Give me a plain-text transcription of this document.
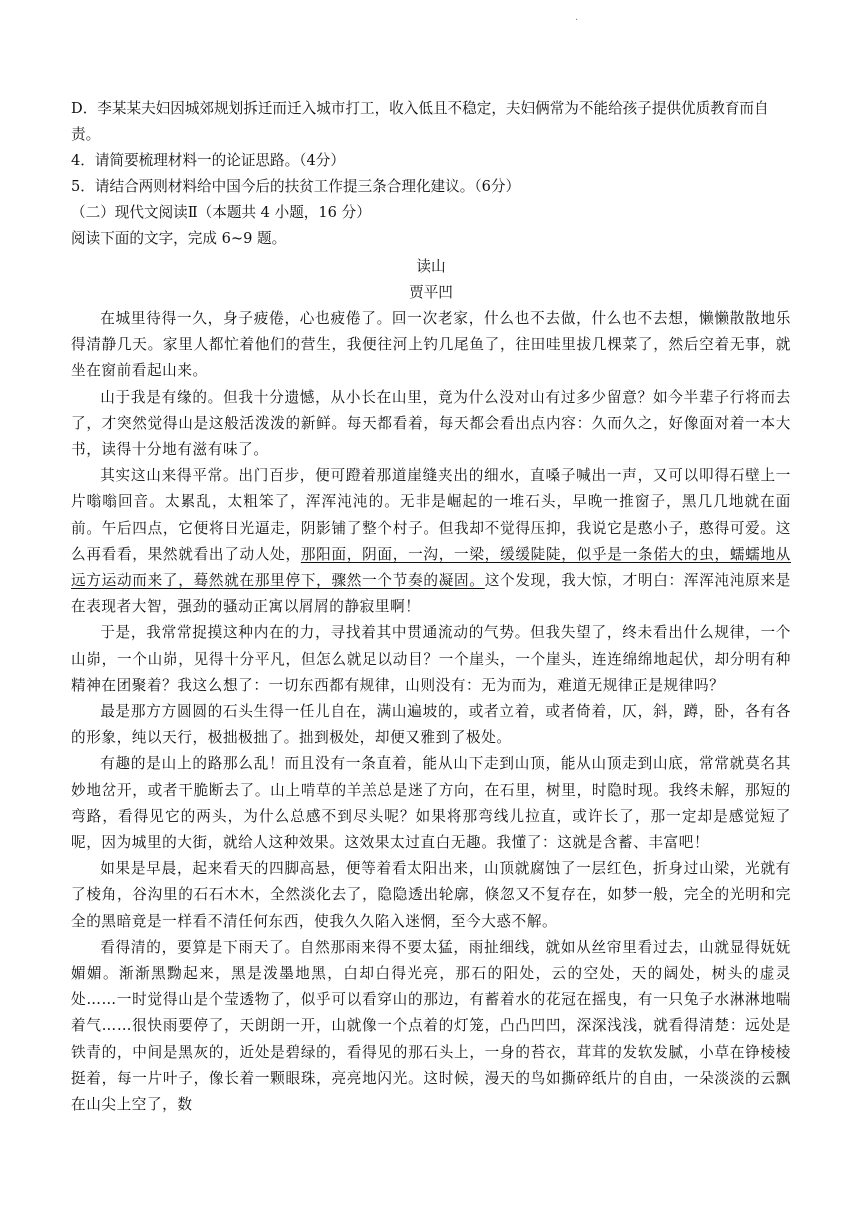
.

D．李某某夫妇因城郊规划拆迁而迁入城市打工，收入低且不稳定，夫妇俩常为不能给孩子提供优质教育而自责。

4．请简要梳理材料一的论证思路。（4分）

5．请结合两则材料给中国今后的扶贫工作提三条合理化建议。（6分）

（二）现代文阅读Ⅱ（本题共 4 小题，16 分）

阅读下面的文字，完成 6~9 题。

读山
贾平凹

在城里待得一久，身子疲倦，心也疲倦了。回一次老家，什么也不去做，什么也不去想，懒懒散散地乐得清静几天。家里人都忙着他们的营生，我便往河上钓几尾鱼了，往田哇里拔几棵菜了，然后空着无事，就坐在窗前看起山来。

山于我是有缘的。但我十分遗憾，从小长在山里，竟为什么没对山有过多少留意？如今半辈子行将而去了，才突然觉得山是这般活泼泼的新鲜。每天都看着，每天都会看出点内容：久而久之，好像面对着一本大书，读得十分地有滋有味了。

其实这山来得平常。出门百步，便可蹬着那道崖缝夹出的细水，直嗓子喊出一声，又可以叩得石壁上一片嗡嗡回音。太累乱，太粗笨了，浑浑沌沌的。无非是崛起的一堆石头，早晚一推窗子，黑几几地就在面前。午后四点，它便将日光逼走，阴影铺了整个村子。但我却不觉得压抑，我说它是憨小子，憨得可爱。这么再看看，果然就看出了动人处，那阳面，阴面，一沟，一梁，缓缓陡陡，似乎是一条偌大的虫，蠕蠕地从远方运动而来了，蓦然就在那里停下，骤然一个节奏的凝固。这个发现，我大惊，才明白：浑浑沌沌原来是在表现者大智，强劲的骚动正寓以屑屑的静寂里啊！

于是，我常常捉摸这种内在的力，寻找着其中贯通流动的气势。但我失望了，终未看出什么规律，一个山峁，一个山峁，见得十分平凡，但怎么就足以动目？一个崖头，一个崖头，连连绵绵地起伏，却分明有种精神在团聚着？我这么想了：一切东西都有规律，山则没有：无为而为，难道无规律正是规律吗？

最是那方方圆圆的石头生得一任儿自在，满山遍坡的，或者立着，或者倚着，仄，斜，蹲，卧，各有各的形象，纯以天行，极拙极拙了。拙到极处，却便又雅到了极处。

有趣的是山上的路那么乱！而且没有一条直着，能从山下走到山顶，能从山顶走到山底，常常就莫名其妙地岔开，或者干脆断去了。山上啃草的羊羔总是迷了方向，在石里，树里，时隐时现。我终未解，那短的弯路，看得见它的两头，为什么总感不到尽头呢？如果将那弯线儿拉直，或许长了，那一定却是感觉短了呢，因为城里的大街，就给人这种效果。这效果太过直白无趣。我懂了：这就是含蓄、丰富吧！

如果是早晨，起来看天的四脚高悬，便等着看太阳出来，山顶就腐蚀了一层红色，折身过山梁，光就有了棱角，谷沟里的石石木木，全然淡化去了，隐隐透出轮廓，倏忽又不复存在，如梦一般，完全的光明和完全的黑暗竟是一样看不清任何东西，使我久久陷入迷惘，至今大惑不解。

看得清的，要算是下雨天了。自然那雨来得不要太猛，雨扯细线，就如从丝帘里看过去，山就显得妩妩媚媚。渐渐黑黝起来，黑是泼墨地黑，白却白得光亮，那石的阳处，云的空处，天的阔处，树头的虚灵处……一时觉得山是个莹透物了，似乎可以看穿山的那边，有蓄着水的花冠在摇曳，有一只兔子水淋淋地喘着气……很快雨要停了，天朗朗一开，山就像一个点着的灯笼，凸凸凹凹，深深浅浅，就看得清楚：远处是铁青的，中间是黑灰的，近处是碧绿的，看得见的那石头上，一身的苔衣，茸茸的发软发腻，小草在铮棱棱挺着，每一片叶子，像长着一颗眼珠，亮亮地闪光。这时候，漫天的鸟如撕碎纸片的自由，一朵淡淡的云飘在山尖上空了，数
